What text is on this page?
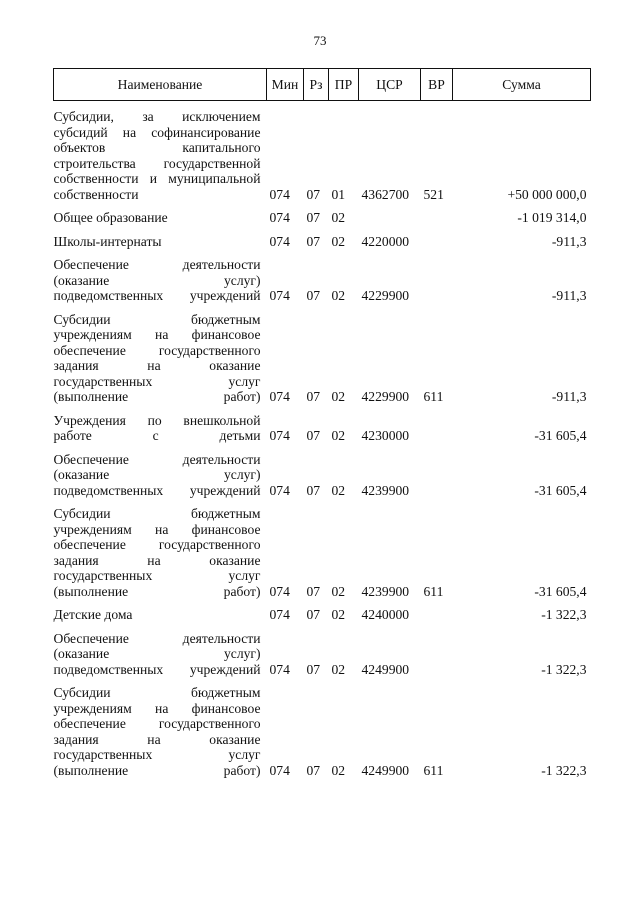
73
Наименование	Мин	Рз	ПР	ЦСР	ВР	Сумма

Субсидии, за исключением субсидий на софинансирование объектов капитального строительства государственной собственности и муниципальной собственности	074	07	01	4362700	521	+50 000 000,0

Общее образование	074	07	02			-1 019 314,0

Школы-интернаты	074	07	02	4220000		-911,3

Обеспечение деятельности (оказание услуг) подведомственных учреждений	074	07	02	4229900		-911,3

Субсидии бюджетным учреждениям на финансовое обеспечение государственного задания на оказание государственных услуг (выполнение работ)	074	07	02	4229900	611	-911,3

Учреждения по внешкольной работе с детьми	074	07	02	4230000		-31 605,4

Обеспечение деятельности (оказание услуг) подведомственных учреждений	074	07	02	4239900		-31 605,4

Субсидии бюджетным учреждениям на финансовое обеспечение государственного задания на оказание государственных услуг (выполнение работ)	074	07	02	4239900	611	-31 605,4

Детские дома	074	07	02	4240000		-1 322,3

Обеспечение деятельности (оказание услуг) подведомственных учреждений	074	07	02	4249900		-1 322,3

Субсидии бюджетным учреждениям на финансовое обеспечение государственного задания на оказание государственных услуг (выполнение работ)	074	07	02	4249900	611	-1 322,3
